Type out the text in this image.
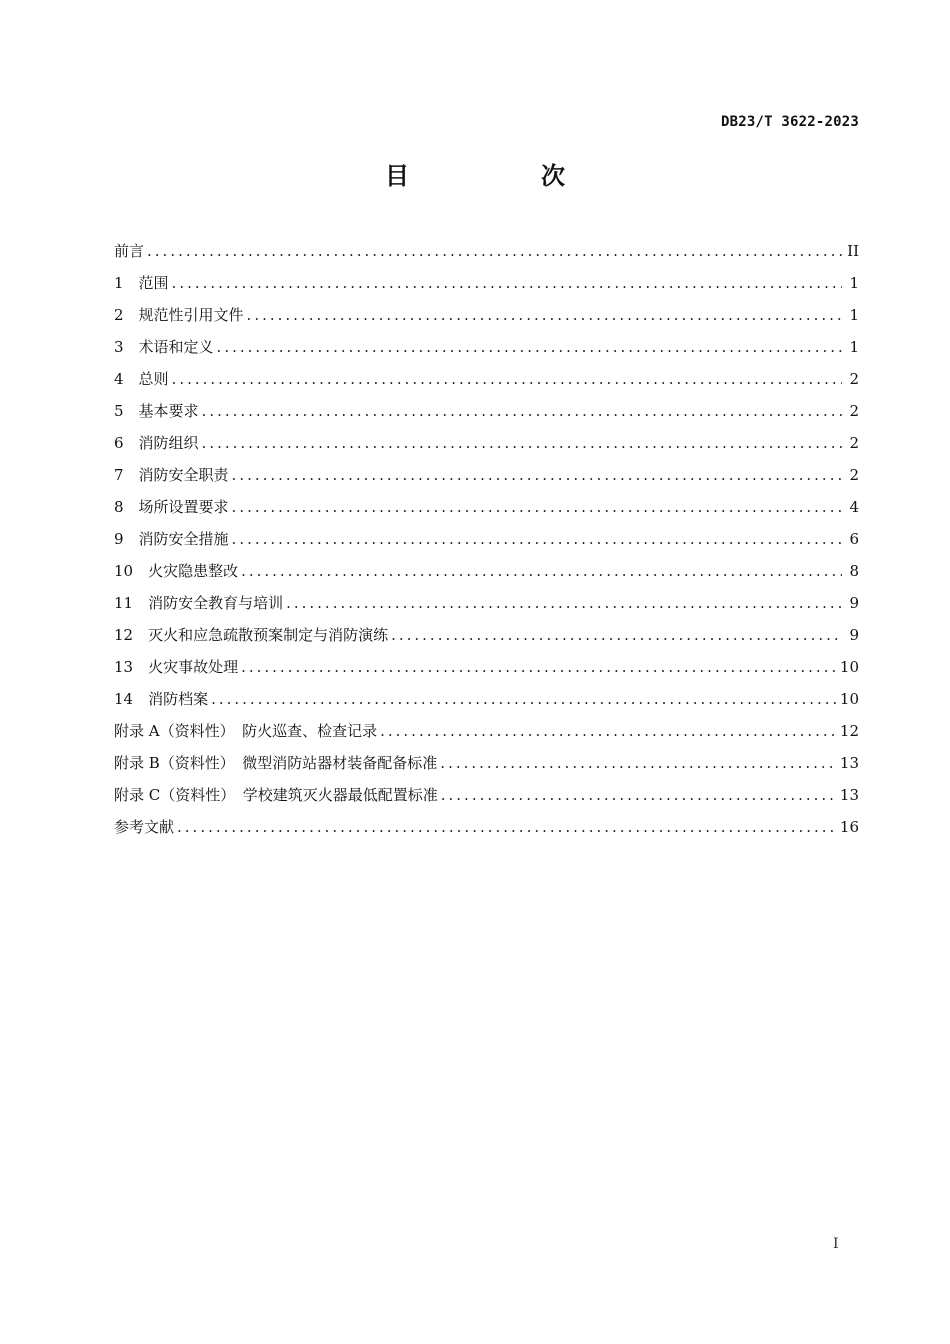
DB23/T 3622-2023
目　次
前言 .....	II
1　范围 .....	1
2　规范性引用文件 .....	1
3　术语和定义 .....	1
4　总则 .....	2
5　基本要求 .....	2
6　消防组织 .....	2
7　消防安全职责 .....	2
8　场所设置要求 .....	4
9　消防安全措施 .....	6
10　火灾隐患整改 .....	8
11　消防安全教育与培训 .....	9
12　灭火和应急疏散预案制定与消防演练 .....	9
13　火灾事故处理 .....	10
14　消防档案 .....	10
附录 A（资料性）　防火巡查、检查记录 .....	12
附录 B（资料性）　微型消防站器材装备配备标准 .....	13
附录 C（资料性）　学校建筑灭火器最低配置标准 .....	13
参考文献 .....	16
I
